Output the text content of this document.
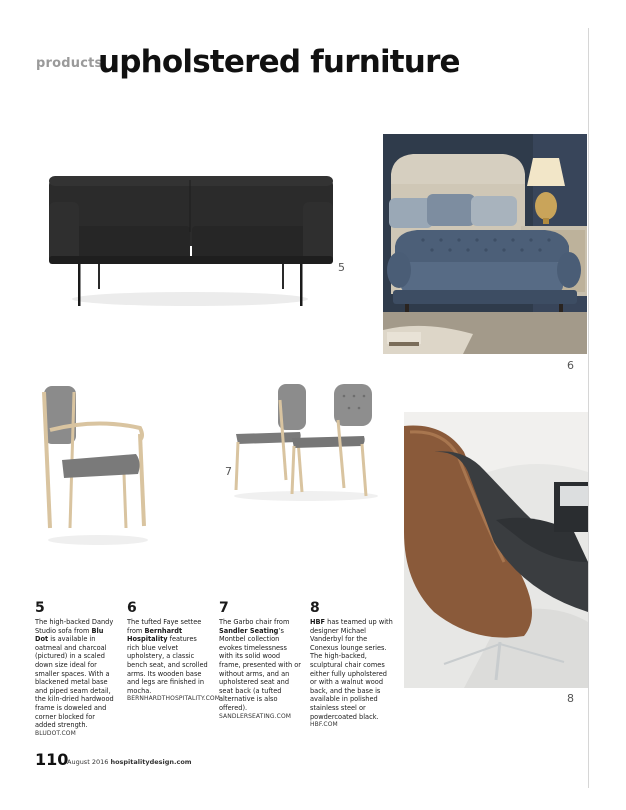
products
upholstered furniture
5
6
7
8
5
The high-backed Dandy Studio sofa from Blu Dot is available in oatmeal and charcoal (pictured) in a scaled down size ideal for smaller spaces. With a blackened metal base and piped seam detail, the kiln-dried hardwood frame is doweled and corner blocked for added strength.
BLUDOT.COM
6
The tufted Faye settee from Bernhardt Hospitality features rich blue velvet upholstery, a classic bench seat, and scrolled arms. Its wooden base and legs are finished in mocha.
BERNHARDTHOSPITALITY.COM
7
The Garbo chair from Sandler Seating’s Montbel collection evokes timelessness with its solid wood frame, presented with or without arms, and an upholstered seat and seat back (a tufted alternative is also offered).
SANDLERSEATING.COM
8
HBF has teamed up with designer Michael Vanderbyl for the Conexus lounge series. The high-backed, sculptural chair comes either fully upholstered or with a walnut wood back, and the base is available in polished stainless steel or powdercoated black.
HBF.COM
110
August 2016 hospitalitydesign.com
